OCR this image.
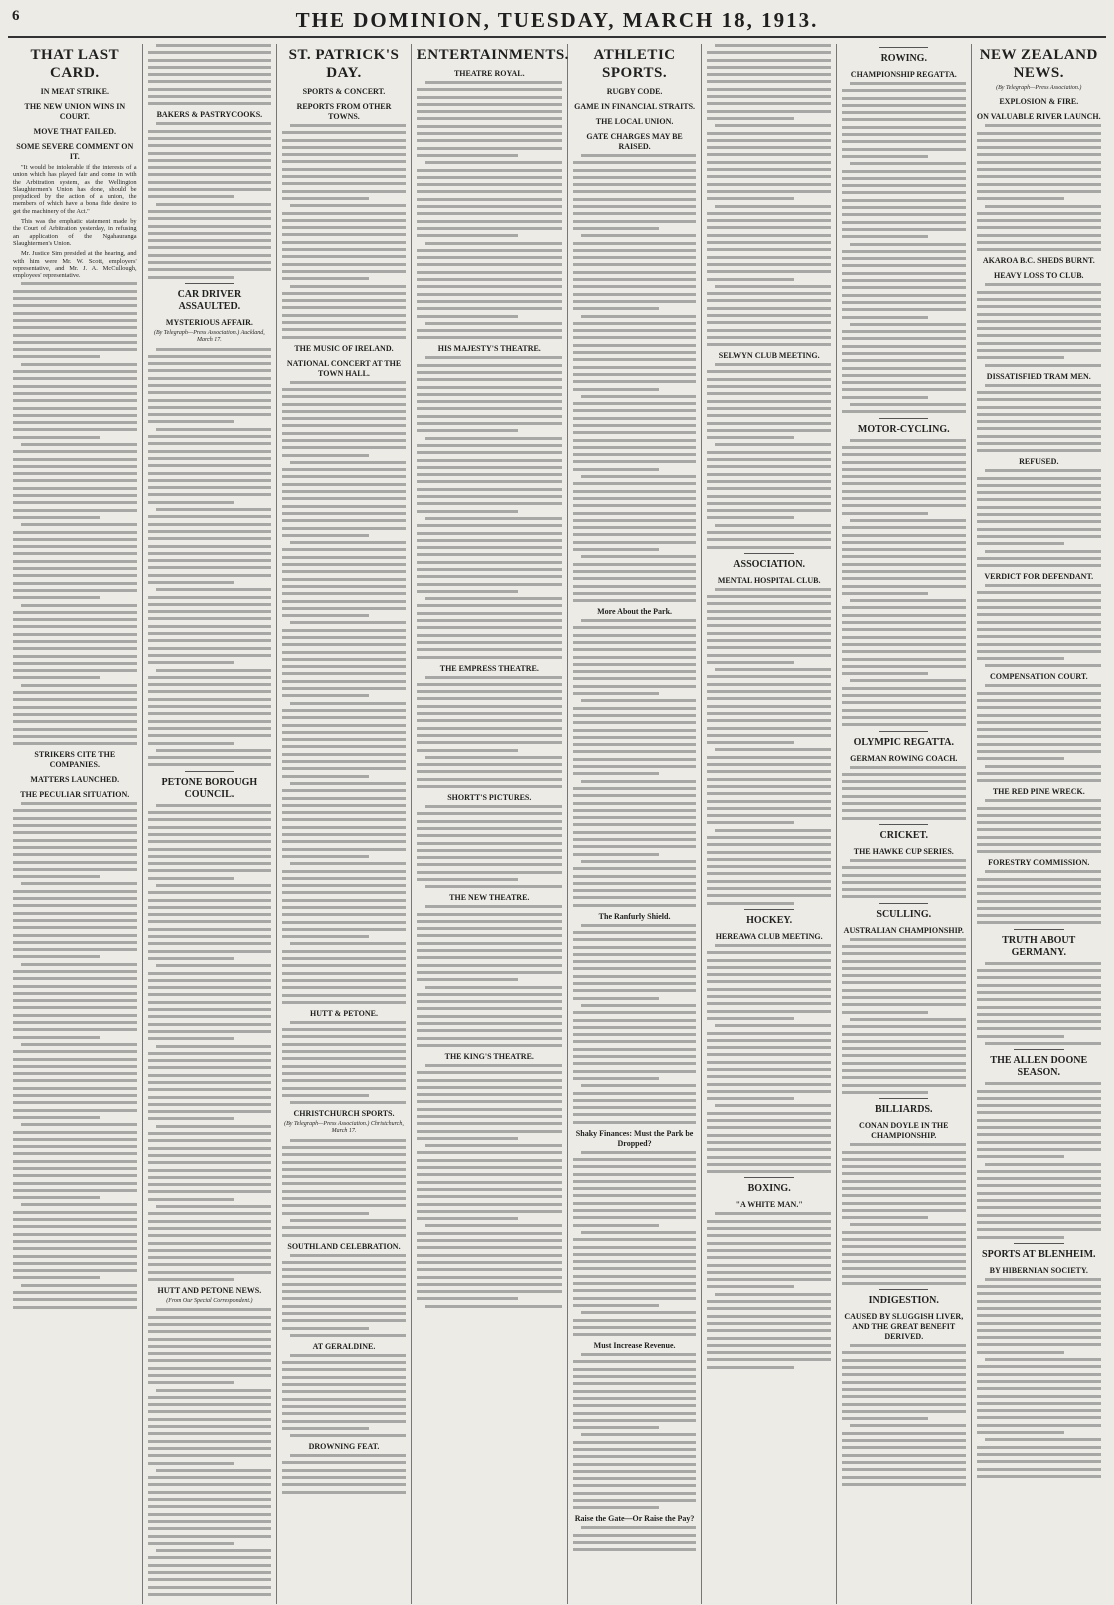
6	THE DOMINION, TUESDAY, MARCH 18, 1913.
THAT LAST CARD.
IN MEAT STRIKE.
THE NEW UNION WINS IN COURT.
MOVE THAT FAILED.
SOME SEVERE COMMENT ON IT.

"It would be intolerable if the interests of a union which has played fair and come in with the Arbitration system, as the Wellington Slaughtermen's Union has done, should be prejudiced by the action of a union, the members of which have a bona fide desire to get the machinery of the Act."

This was the emphatic statement made by the Court of Arbitration yesterday, in refusing an application of the Ngahauranga Slaughtermen's Union.

Mr. Justice Sim presided at the hearing, and with him were Mr. W. Scott, employers' representative, and Mr. J. A. McCullough, employees' representative.

STRIKERS CITE THE COMPANIES.
MATTERS LAUNCHED.
THE PECULIAR SITUATION.
BAKERS & PASTRYCOOKS.
CAR DRIVER ASSAULTED.
MYSTERIOUS AFFAIR.
(By Telegraph—Press Association.) Auckland, March 17.
PETONE BOROUGH COUNCIL.
HUTT AND PETONE NEWS.
(From Our Special Correspondent.)
ST. PATRICK'S DAY.
SPORTS & CONCERT.
REPORTS FROM OTHER TOWNS.
THE MUSIC OF IRELAND.
NATIONAL CONCERT AT THE TOWN HALL.
HUTT & PETONE.
CHRISTCHURCH SPORTS.
(By Telegraph—Press Association.) Christchurch, March 17.
SOUTHLAND CELEBRATION.
AT GERALDINE.
DROWNING FEAT.
ENTERTAINMENTS.
THEATRE ROYAL.
HIS MAJESTY'S THEATRE.
THE EMPRESS THEATRE.
SHORTT'S PICTURES.
THE NEW THEATRE.
THE KING'S THEATRE.
ATHLETIC SPORTS.
RUGBY CODE.
GAME IN FINANCIAL STRAITS.
THE LOCAL UNION.
GATE CHARGES MAY BE RAISED.
More About the Park.
The Ranfurly Shield.
Shaky Finances: Must the Park be Dropped?
Must Increase Revenue.
Raise the Gate—Or Raise the Pay?
SELWYN CLUB MEETING.
ASSOCIATION.
MENTAL HOSPITAL CLUB.
HOCKEY.
HEREAWA CLUB MEETING.
BOXING.
"A WHITE MAN."
ROWING.
CHAMPIONSHIP REGATTA.
MOTOR-CYCLING.
OLYMPIC REGATTA.
GERMAN ROWING COACH.
CRICKET.
THE HAWKE CUP SERIES.
SCULLING.
AUSTRALIAN CHAMPIONSHIP.
BILLIARDS.
CONAN DOYLE IN THE CHAMPIONSHIP.
INDIGESTION.
CAUSED BY SLUGGISH LIVER, AND THE GREAT BENEFIT DERIVED.
NEW ZEALAND NEWS.
(By Telegraph—Press Association.)
EXPLOSION & FIRE.
ON VALUABLE RIVER LAUNCH.
AKAROA B.C. SHEDS BURNT.
HEAVY LOSS TO CLUB.
DISSATISFIED TRAM MEN.
REFUSED.
VERDICT FOR DEFENDANT.
COMPENSATION COURT.
THE RED PINE WRECK.
FORESTRY COMMISSION.
TRUTH ABOUT GERMANY.
THE ALLEN DOONE SEASON.
SPORTS AT BLENHEIM.
BY HIBERNIAN SOCIETY.
